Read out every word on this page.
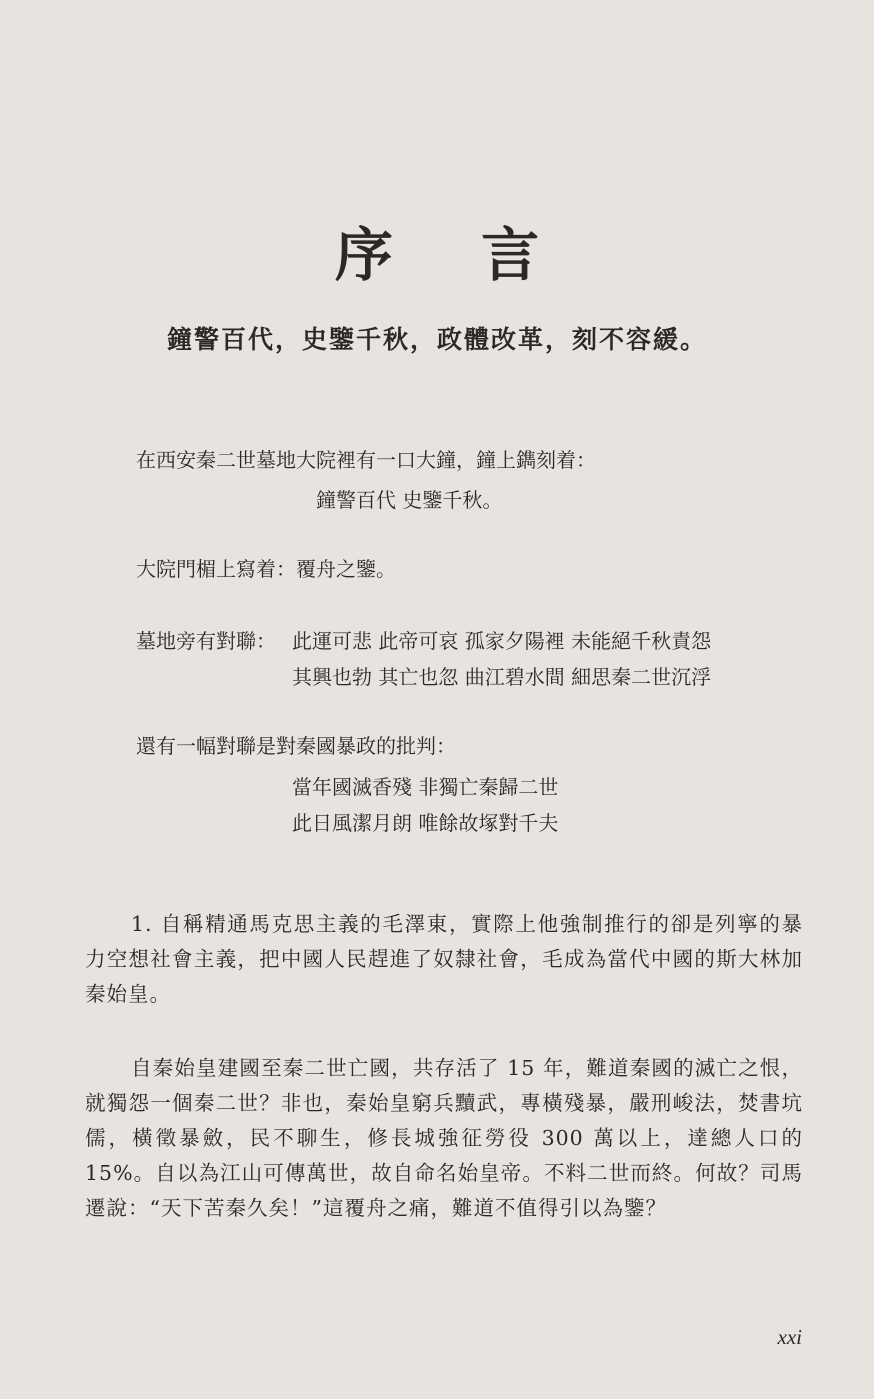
序 言
鐘警百代，史鑒千秋，政體改革，刻不容緩。
在西安秦二世墓地大院裡有一口大鐘，鐘上鐫刻着：
鐘警百代 史鑒千秋。
大院門楣上寫着：覆舟之鑒。
墓地旁有對聯： 此運可悲 此帝可哀 孤家夕陽裡 未能絕千秋責怨
其興也勃 其亡也忽 曲江碧水間 細思秦二世沉浮
還有一幅對聯是對秦國暴政的批判：
當年國滅香殘 非獨亡秦歸二世
此日風潔月朗 唯餘故塚對千夫

1. 自稱精通馬克思主義的毛澤東，實際上他強制推行的卻是列寧的暴力空想社會主義，把中國人民趕進了奴隸社會，毛成為當代中國的斯大林加秦始皇。

自秦始皇建國至秦二世亡國，共存活了 15 年，難道秦國的滅亡之恨，就獨怨一個秦二世？非也，秦始皇窮兵黷武，專橫殘暴，嚴刑峻法，焚書坑儒，橫徵暴斂，民不聊生，修長城強征勞役 300 萬以上，達總人口的 15%。自以為江山可傳萬世，故自命名始皇帝。不料二世而終。何故？司馬遷說：“天下苦秦久矣！”這覆舟之痛，難道不值得引以為鑒？

xxi
